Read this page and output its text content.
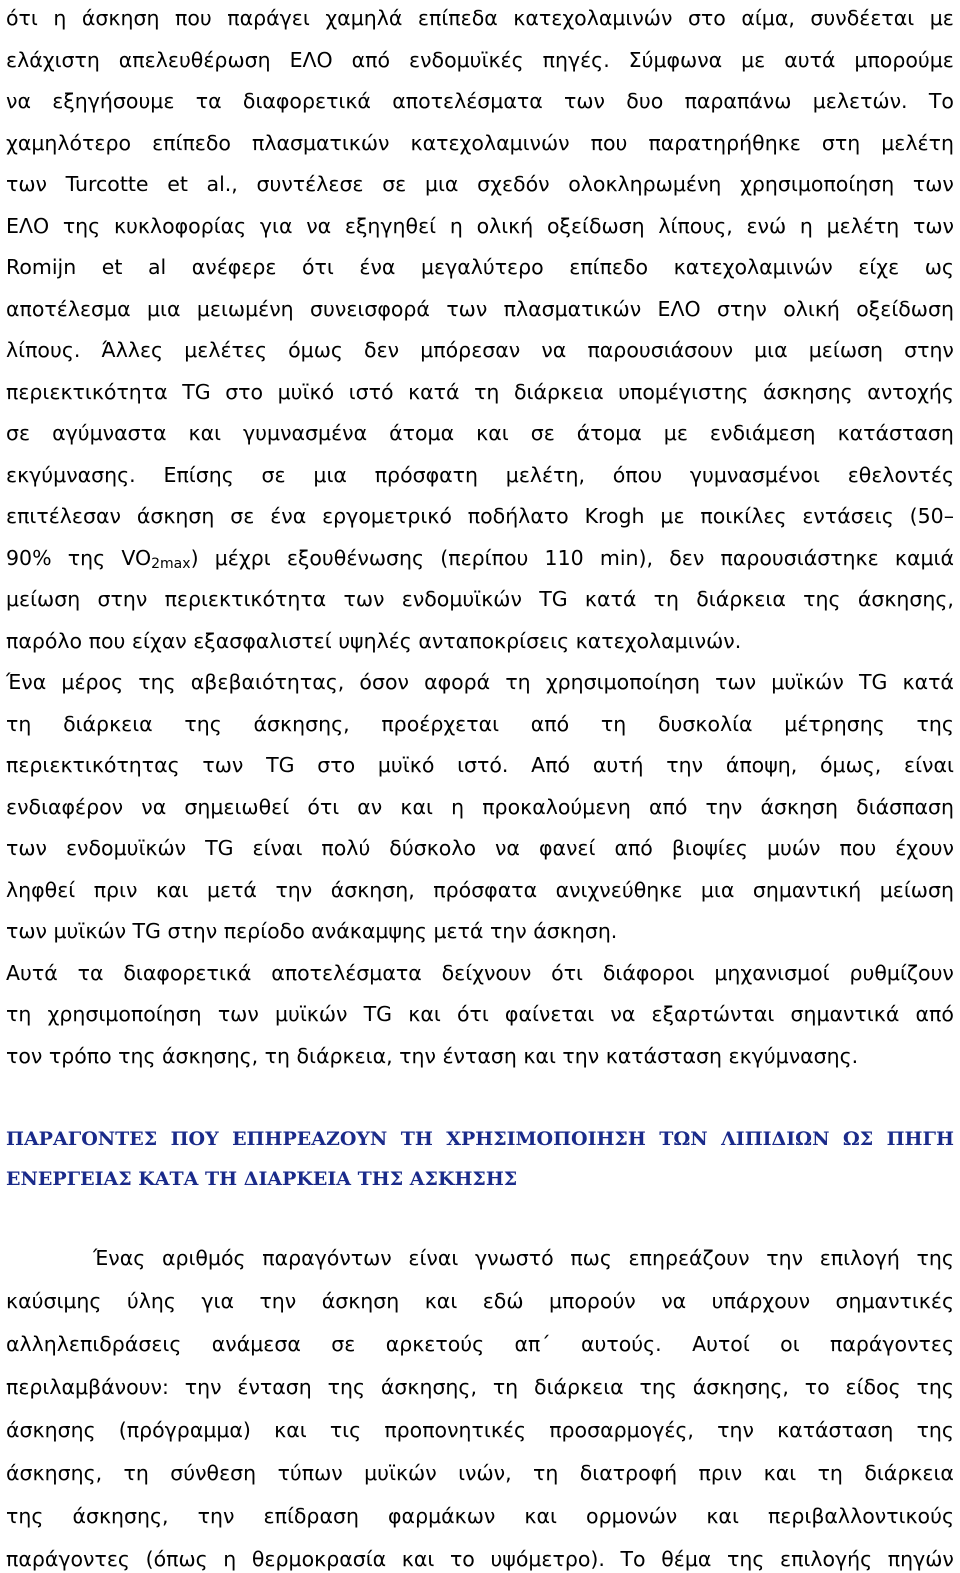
ότι η άσκηση που παράγει χαμηλά επίπεδα κατεχολαμινών στο αίμα, συνδέεται με
ελάχιστη απελευθέρωση ΕΛΟ από ενδομυϊκές πηγές. Σύμφωνα με αυτά μπορούμε
να εξηγήσουμε τα διαφορετικά αποτελέσματα των δυο παραπάνω μελετών. Το
χαμηλότερο επίπεδο πλασματικών κατεχολαμινών που παρατηρήθηκε στη μελέτη
των Turcotte et al., συντέλεσε σε μια σχεδόν ολοκληρωμένη χρησιμοποίηση των
ΕΛΟ της κυκλοφορίας για να εξηγηθεί η ολική οξείδωση λίπους, ενώ η μελέτη των
Romijn et al ανέφερε ότι ένα μεγαλύτερο επίπεδο κατεχολαμινών είχε ως
αποτέλεσμα μια μειωμένη συνεισφορά των πλασματικών ΕΛΟ στην ολική οξείδωση
λίπους. Άλλες μελέτες όμως δεν μπόρεσαν να παρουσιάσουν μια μείωση στην
περιεκτικότητα TG στο μυϊκό ιστό κατά τη διάρκεια υπομέγιστης άσκησης αντοχής
σε αγύμναστα και γυμνασμένα άτομα και σε άτομα με ενδιάμεση κατάσταση
εκγύμνασης. Επίσης σε μια πρόσφατη μελέτη, όπου γυμνασμένοι εθελοντές
επιτέλεσαν άσκηση σε ένα εργομετρικό ποδήλατο Krogh με ποικίλες εντάσεις (50–
90% της $VO_{2max}$) μέχρι εξουθένωσης (περίπου 110 min), δεν παρουσιάστηκε καμιά
μείωση στην περιεκτικότητα των ενδομυϊκών TG κατά τη διάρκεια της άσκησης,
παρόλο που είχαν εξασφαλιστεί υψηλές ανταποκρίσεις κατεχολαμινών.
Ένα μέρος της αβεβαιότητας, όσον αφορά τη χρησιμοποίηση των μυϊκών TG κατά
τη διάρκεια της άσκησης, προέρχεται από τη δυσκολία μέτρησης της
περιεκτικότητας των TG στο μυϊκό ιστό. Από αυτή την άποψη, όμως, είναι
ενδιαφέρον να σημειωθεί ότι αν και η προκαλούμενη από την άσκηση διάσπαση
των ενδομυϊκών TG είναι πολύ δύσκολο να φανεί από βιοψίες μυών που έχουν
ληφθεί πριν και μετά την άσκηση, πρόσφατα ανιχνεύθηκε μια σημαντική μείωση
των μυϊκών TG στην περίοδο ανάκαμψης μετά την άσκηση.
Αυτά τα διαφορετικά αποτελέσματα δείχνουν ότι διάφοροι μηχανισμοί ρυθμίζουν
τη χρησιμοποίηση των μυϊκών TG και ότι φαίνεται να εξαρτώνται σημαντικά από
τον τρόπο της άσκησης, τη διάρκεια, την ένταση και την κατάσταση εκγύμνασης.
ΠΑΡΑΓΟΝΤΕΣ ΠΟΥ ΕΠΗΡΕΑΖΟΥΝ ΤΗ ΧΡΗΣΙΜΟΠΟΙΗΣΗ ΤΩΝ ΛΙΠΙΔΙΩΝ ΩΣ ΠΗΓΗ
ΕΝΕΡΓΕΙΑΣ ΚΑΤΑ ΤΗ ΔΙΑΡΚΕΙΑ ΤΗΣ ΑΣΚΗΣΗΣ
Ένας αριθμός παραγόντων είναι γνωστό πως επηρεάζουν την επιλογή της
καύσιμης ύλης για την άσκηση και εδώ μπορούν να υπάρχουν σημαντικές
αλληλεπιδράσεις ανάμεσα σε αρκετούς απ΄ αυτούς. Αυτοί οι παράγοντες
περιλαμβάνουν: την ένταση της άσκησης, τη διάρκεια της άσκησης, το είδος της
άσκησης (πρόγραμμα) και τις προπονητικές προσαρμογές, την κατάσταση της
άσκησης, τη σύνθεση τύπων μυϊκών ινών, τη διατροφή πριν και τη διάρκεια
της άσκησης, την επίδραση φαρμάκων και ορμονών και περιβαλλοντικούς
παράγοντες (όπως η θερμοκρασία και το υψόμετρο). Το θέμα της επιλογής πηγών
